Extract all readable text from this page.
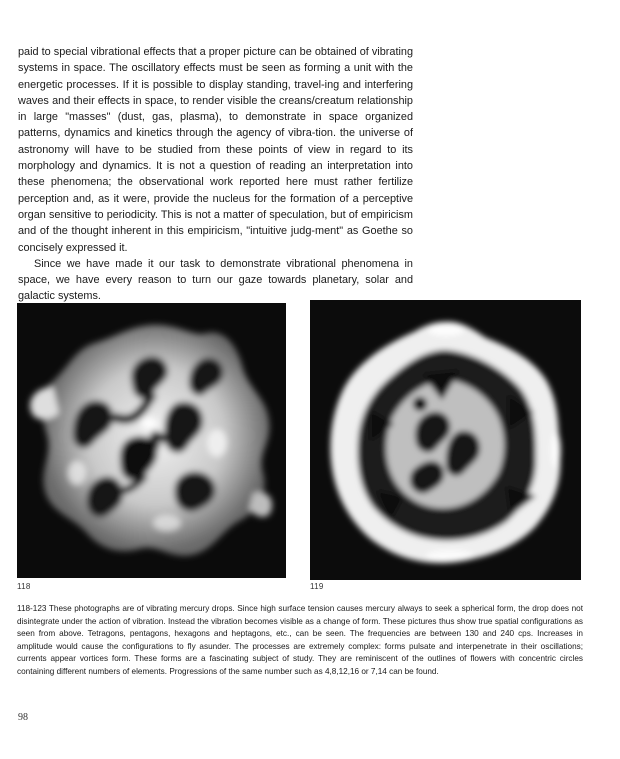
paid to special vibrational effects that a proper picture can be obtained of vibrating systems in space. The oscillatory effects must be seen as forming a unit with the energetic processes. If it is possible to display standing, travel-ing and interfering waves and their effects in space, to render visible the creans/creatum relationship in large "masses" (dust, gas, plasma), to demonstrate in space organized patterns, dynamics and kinetics through the agency of vibra-tion. the universe of astronomy will have to be studied from these points of view in regard to its morphology and dynamics. It is not a question of reading an interpretation into these phenomena; the observational work reported here must rather fertilize perception and, as it were, provide the nucleus for the formation of a perceptive organ sensitive to periodicity. This is not a matter of speculation, but of empiricism and of the thought inherent in this empiricism, "intuitive judg-ment" as Goethe so concisely expressed it.

Since we have made it our task to demonstrate vibrational phenomena in space, we have every reason to turn our gaze towards planetary, solar and galactic systems.

118	119

118-123 These photographs are of vibrating mercury drops. Since high surface tension causes mercury always to seek a spherical form, the drop does not disintegrate under the action of vibration. Instead the vibration becomes visible as a change of form. These pictures thus show true spatial configurations as seen from above. Tetragons, pentagons, hexagons and heptagons, etc., can be seen. The frequencies are between 130 and 240 cps. Increases in amplitude would cause the configurations to fly asunder. The processes are extremely complex: forms pulsate and interpenetrate in their oscillations; currents appear vortices form. These forms are a fascinating subject of study. They are reminiscent of the outlines of flowers with concentric circles containing different numbers of elements. Progressions of the same number such as 4,8,12,16 or 7,14 can be found.

98
